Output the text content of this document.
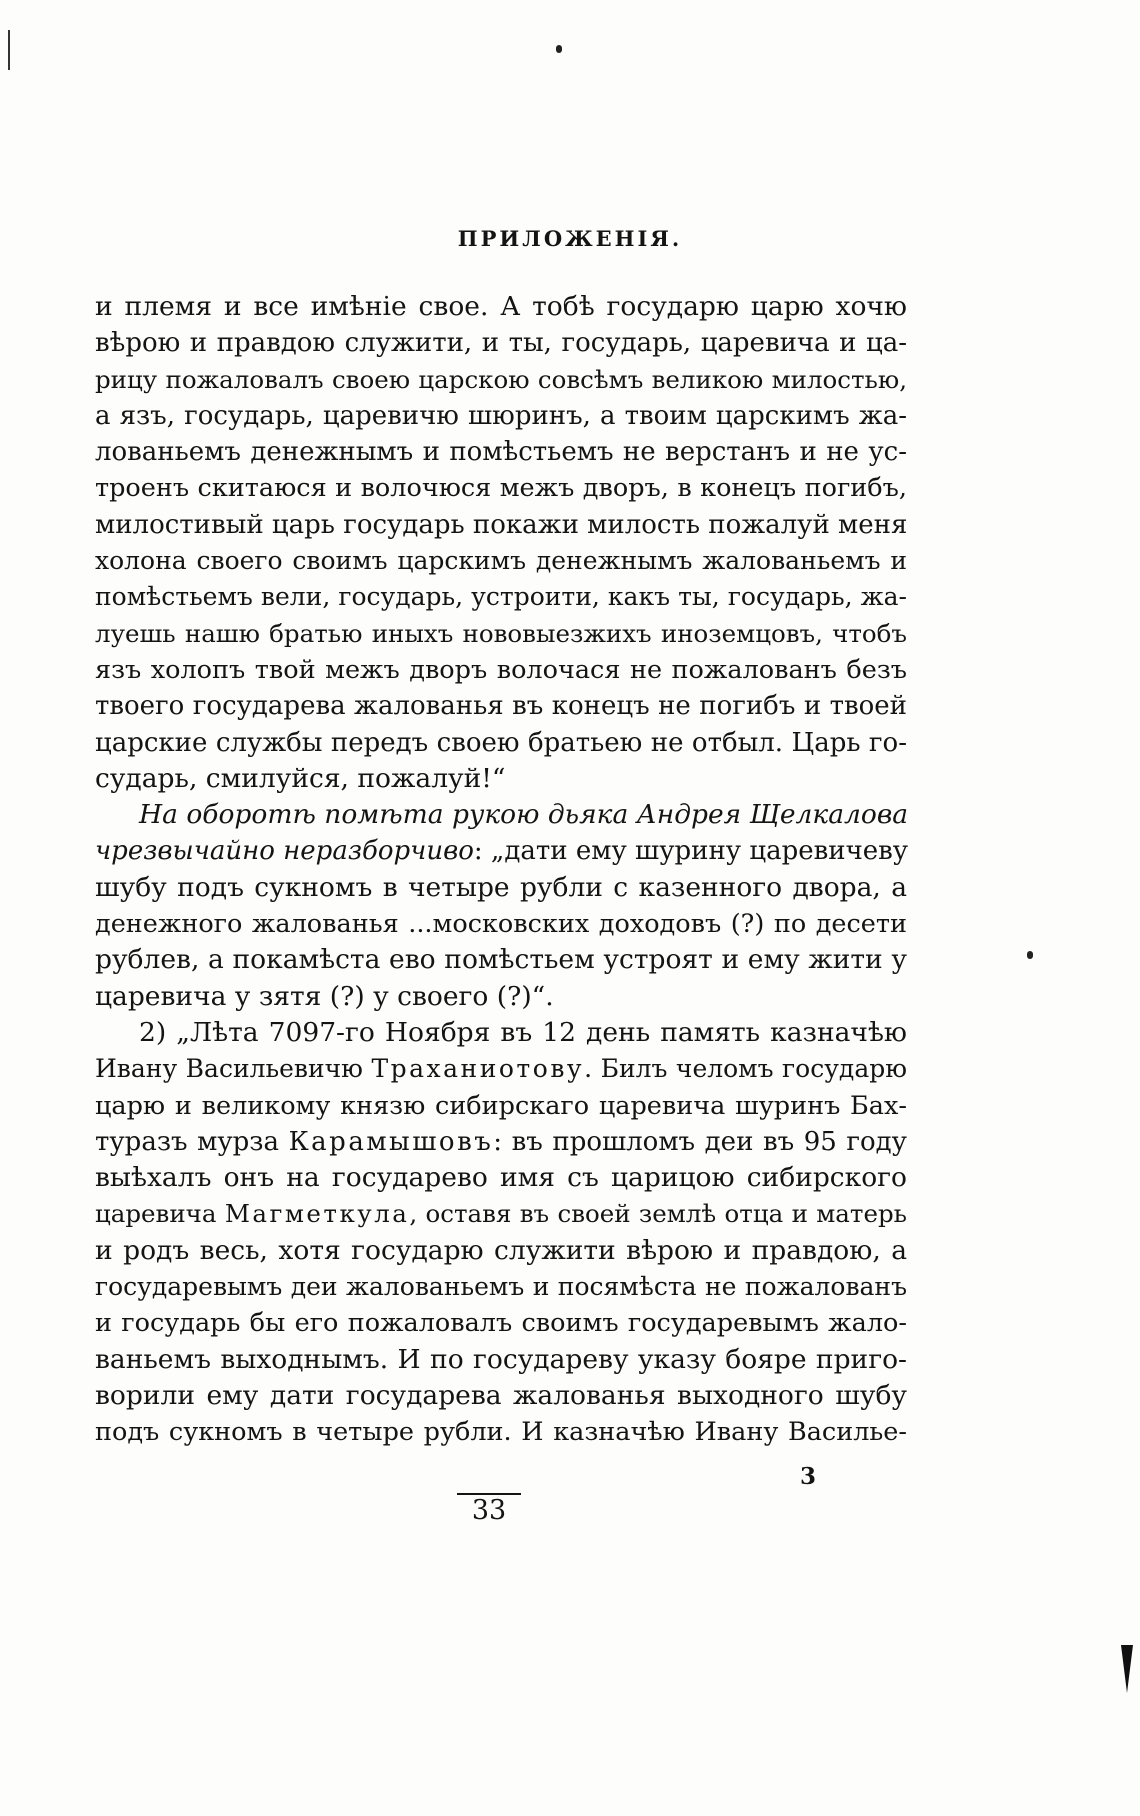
ПРИЛОЖЕНІЯ.
и племя и все имѣніе свое. А тобѣ государю царю хочю
вѣрою и правдою служити, и ты, государь, царевича и ца-
рицу пожаловалъ своею царскою совсѣмъ великою милостью,
а язъ, государь, царевичю шюринъ, а твоим царскимъ жа-
лованьемъ денежнымъ и помѣстьемъ не верстанъ и не ус-
троенъ скитаюся и волочюся межъ дворъ, в конецъ погибъ,
милостивый царь государь покажи милость пожалуй меня
холона своего своимъ царскимъ денежнымъ жалованьемъ и
помѣстьемъ вели, государь, устроити, какъ ты, государь, жа-
луешь нашю братью иныхъ нововыезжихъ иноземцовъ, чтобъ
язъ холопъ твой межъ дворъ волочася не пожалованъ безъ
твоего государева жалованья въ конецъ не погибъ и твоей
царские службы передъ своею братьею не отбыл. Царь го-
сударь, смилуйся, пожалуй!“
На оборотѣ помѣта рукою дьяка Андрея Щелкалова
чрезвычайно неразборчиво: „дати ему шурину царевичеву
шубу подъ сукномъ в четыре рубли с казенного двора, а
денежного жалованья ...московских доходовъ (?) по десети
рублев, а покамѣста ево помѣстьем устроят и ему жити у
царевича у зятя (?) у своего (?)“.
2) „Лѣта 7097-го Ноября въ 12 день память казначѣю
Ивану Васильевичю Траханиотову. Билъ челомъ государю
царю и великому князю сибирскаго царевича шуринъ Бах-
туразъ мурза Карамышовъ: въ прошломъ деи въ 95 году
выѣхалъ онъ на государево имя съ царицою сибирского
царевича Магметкула, оставя въ своей землѣ отца и матерь
и родъ весь, хотя государю служити вѣрою и правдою, а
государевымъ деи жалованьемъ и посямѣста не пожалованъ
и государь бы его пожаловалъ своимъ государевымъ жало-
ваньемъ выходнымъ. И по государеву указу бояре приго-
ворили ему дати государева жалованья выходного шубу
подъ сукномъ в четыре рубли. И казначѣю Ивану Василье-
3
33
